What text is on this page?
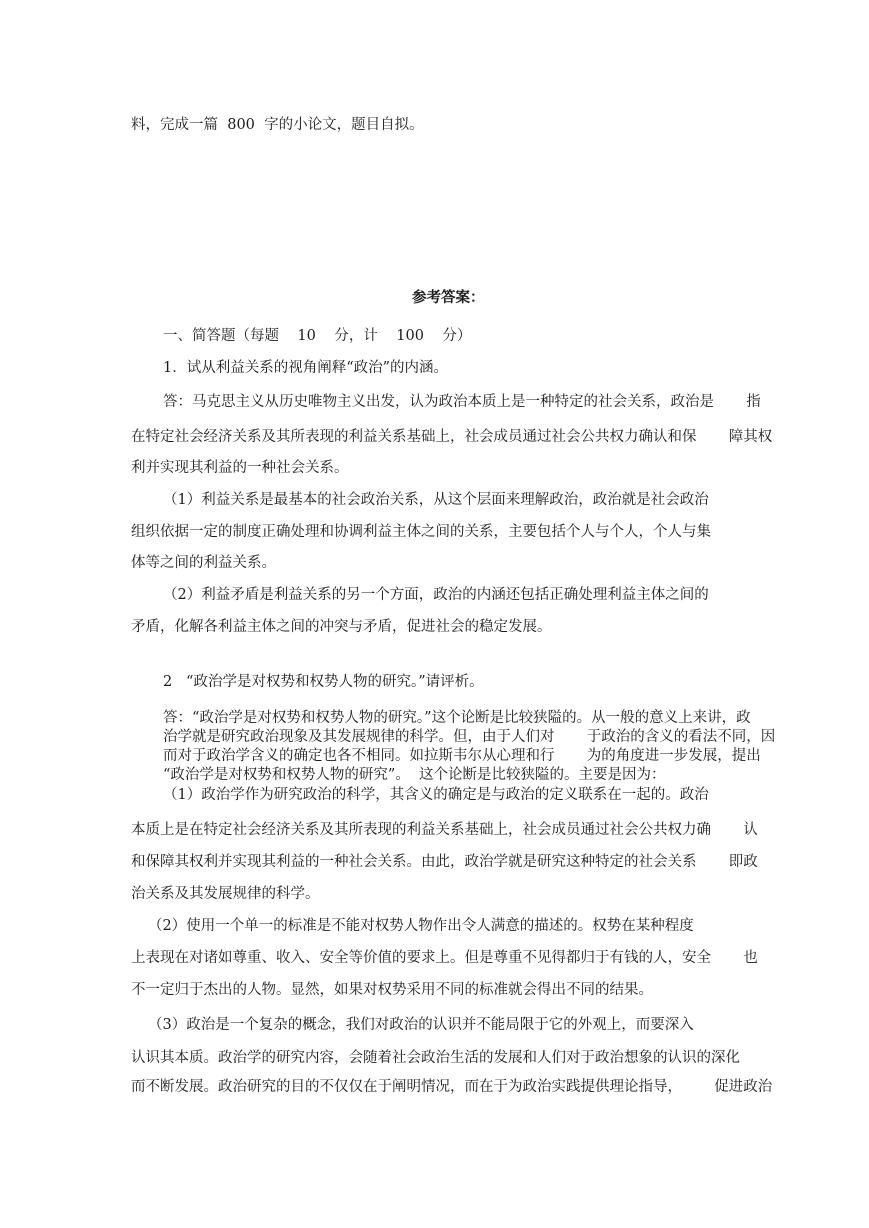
料，完成一篇  800  字的小论文，题目自拟。

参考答案：

一、简答题（每题    10    分，计    100    分）

1．试从利益关系的视角阐释“政治”的内涵。

答：马克思主义从历史唯物主义出发，认为政治本质上是一种特定的社会关系，政治是       指

在特定社会经济关系及其所表现的利益关系基础上，社会成员通过社会公共权力确认和保       障其权

利并实现其利益的一种社会关系。

（1）利益关系是最基本的社会政治关系，从这个层面来理解政治，政治就是社会政治

组织依据一定的制度正确处理和协调利益主体之间的关系，主要包括个人与个人，个人与集

体等之间的利益关系。

（2）利益矛盾是利益关系的另一个方面，政治的内涵还包括正确处理利益主体之间的

矛盾，化解各利益主体之间的冲突与矛盾，促进社会的稳定发展。

2   “政治学是对权势和权势人物的研究。”请评析。

答：“政治学是对权势和权势人物的研究。”这个论断是比较狭隘的。从一般的意义上来讲，政

治学就是研究政治现象及其发展规律的科学。但，由于人们对       于政治的含义的看法不同，因

而对于政治学含义的确定也各不相同。如拉斯韦尔从心理和行       为的角度进一步发展，提出

“政治学是对权势和权势人物的研究”。  这个论断是比较狭隘的。主要是因为：

（1）政治学作为研究政治的科学，其含义的确定是与政治的定义联系在一起的。政治

本质上是在特定社会经济关系及其所表现的利益关系基础上，社会成员通过社会公共权力确       认

和保障其权利并实现其利益的一种社会关系。由此，政治学就是研究这种特定的社会关系       即政

治关系及其发展规律的科学。

（2）使用一个单一的标准是不能对权势人物作出令人满意的描述的。权势在某种程度

上表现在对诸如尊重、收入、安全等价值的要求上。但是尊重不见得都归于有钱的人，安全       也

不一定归于杰出的人物。显然，如果对权势采用不同的标准就会得出不同的结果。

（3）政治是一个复杂的概念，我们对政治的认识并不能局限于它的外观上，而要深入

认识其本质。政治学的研究内容，会随着社会政治生活的发展和人们对于政治想象的认识的深化

而不断发展。政治研究的目的不仅仅在于阐明情况，而在于为政治实践提供理论指导，       促进政治
